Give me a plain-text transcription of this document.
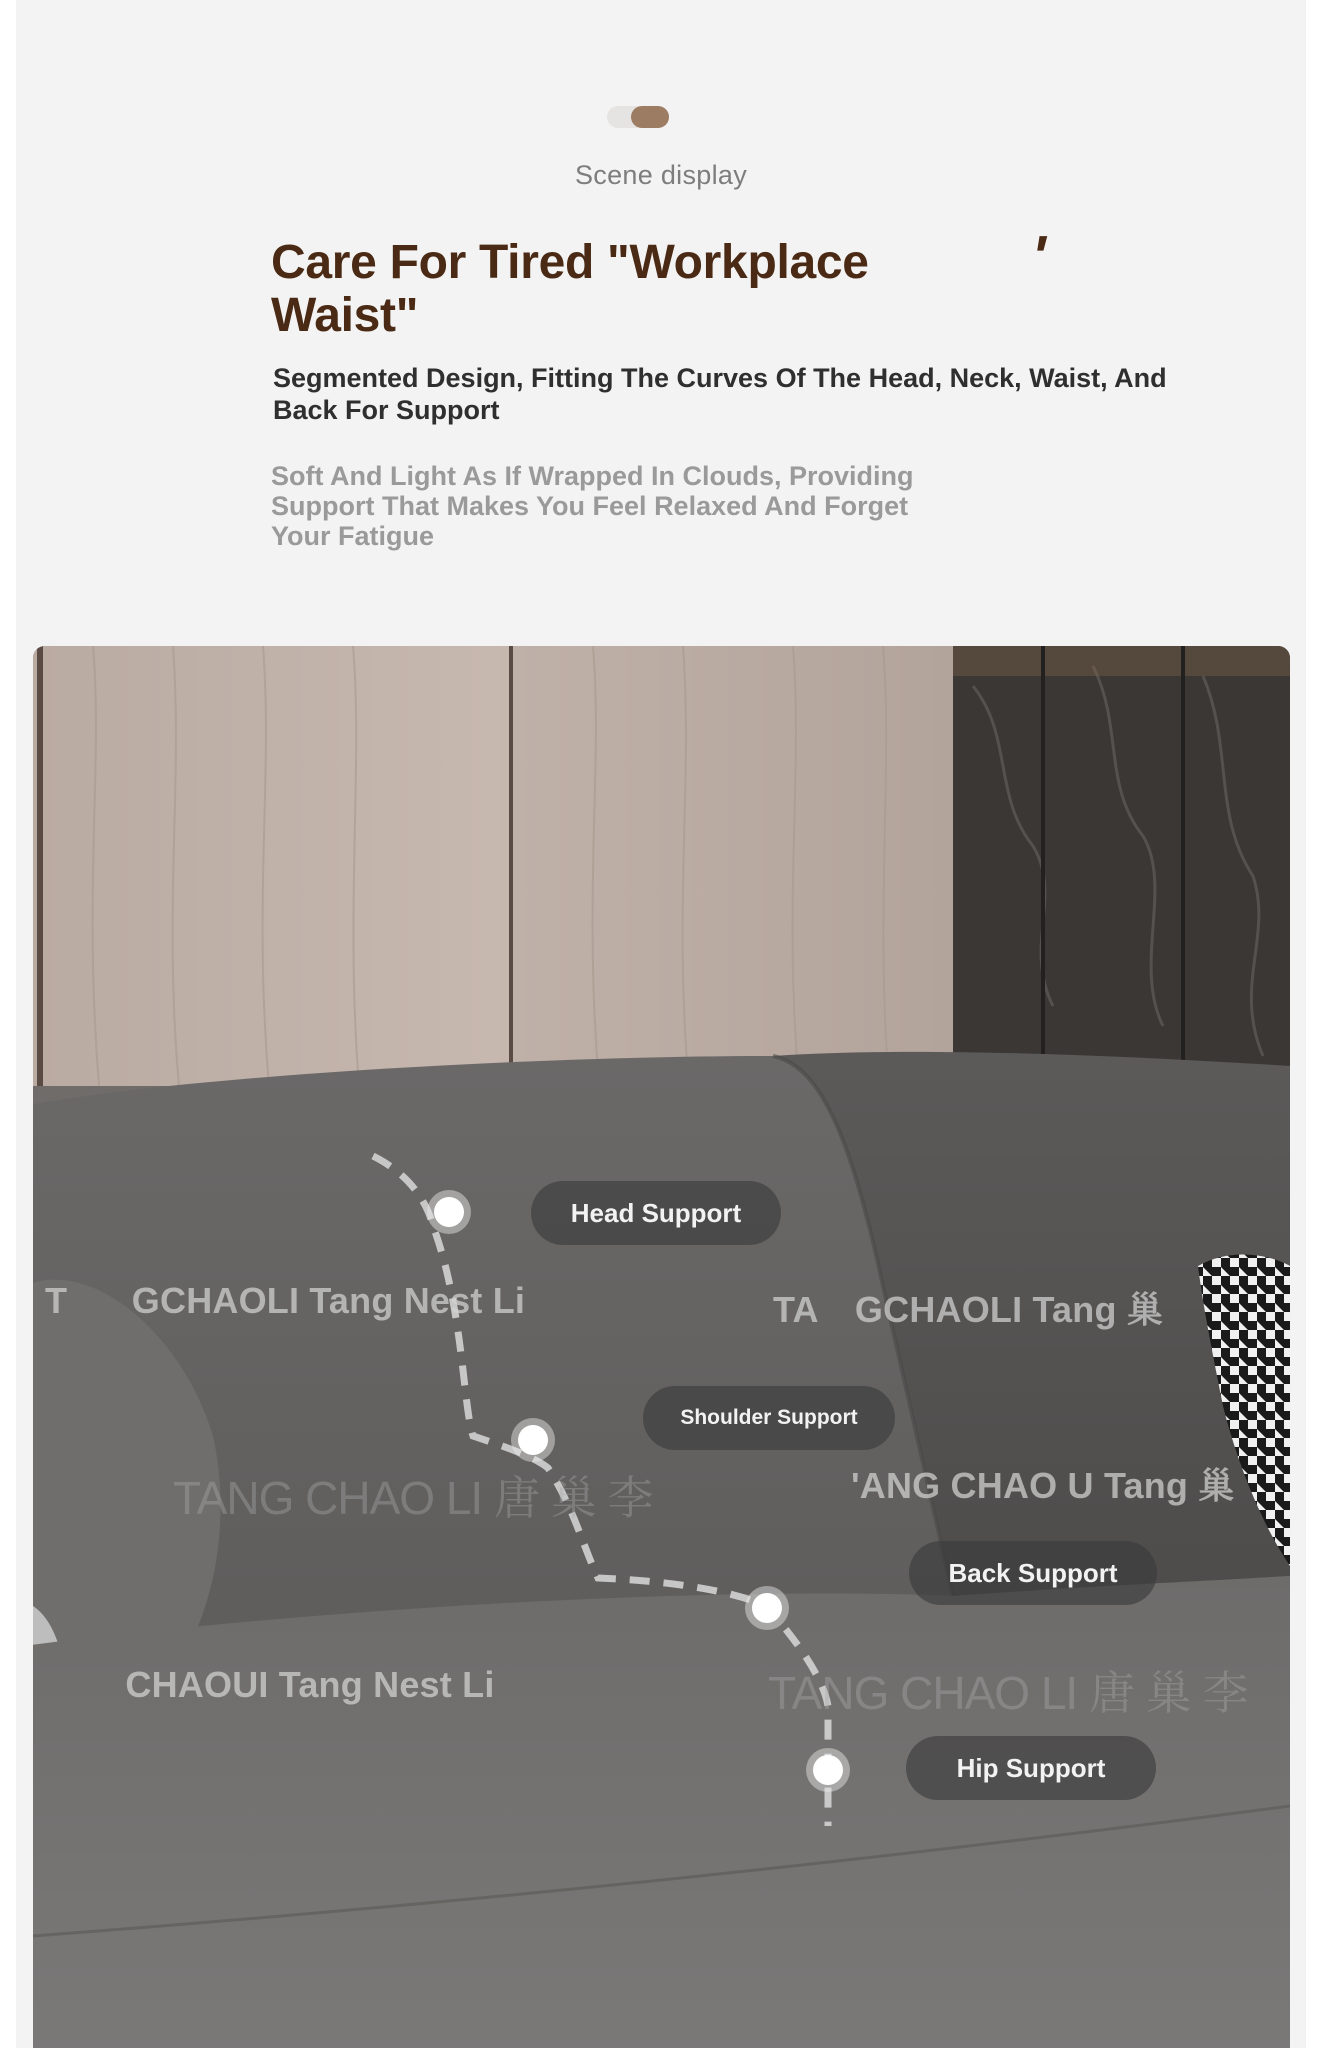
Scene display
Care For Tired "Workplace Waist"
'
Segmented Design, Fitting The Curves Of The Head, Neck, Waist, And Back For Support
Soft And Light As If Wrapped In Clouds, Providing Support That Makes You Feel Relaxed And Forget Your Fatigue
T   GCHAOLI Tang Nest Li	TA GCHAOLI Tang 巢
TANG CHAO LI 唐 巢 李	'ANG CHAO U Tang 巢
  CHAOUI Tang Nest Li	TANG CHAO LI 唐 巢 李
Head Support
Shoulder Support
Back Support
Hip Support
